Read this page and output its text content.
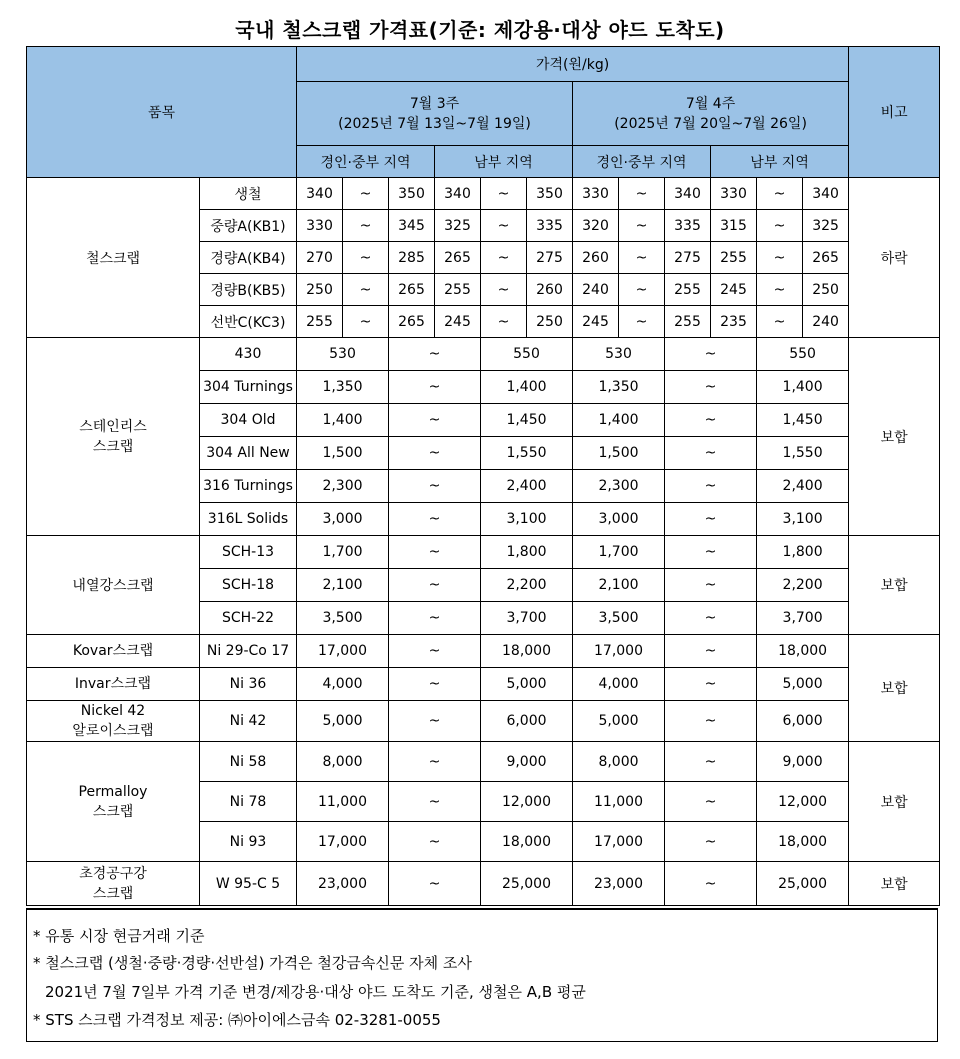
국내 철스크랩 가격표(기준: 제강용·대상 야드 도착도)
품목		가격(원/kg)												비고
		7월 3주
(2025년 7월 13일~7월 19일)						7월 4주
(2025년 7월 20일~7월 26일)						
		경인·중부 지역			남부 지역			경인·중부 지역			남부 지역			
철스크랩	생철	340	~	350	340	~	350	330	~	340	330	~	340	하락
	중량A(KB1)	330	~	345	325	~	335	320	~	335	315	~	325	
	경량A(KB4)	270	~	285	265	~	275	260	~	275	255	~	265	
	경량B(KB5)	250	~	265	255	~	260	240	~	255	245	~	250	
	선반C(KC3)	255	~	265	245	~	250	245	~	255	235	~	240	
스테인리스
스크랩	430	530		~		550		530		~		550		보합
	304 Turnings	1,350		~		1,400		1,350		~		1,400		
	304 Old	1,400		~		1,450		1,400		~		1,450		
	304 All New	1,500		~		1,550		1,500		~		1,550		
	316 Turnings	2,300		~		2,400		2,300		~		2,400		
	316L Solids	3,000		~		3,100		3,000		~		3,100		
내열강스크랩	SCH-13	1,700		~		1,800		1,700		~		1,800		보합
	SCH-18	2,100		~		2,200		2,100		~		2,200		
	SCH-22	3,500		~		3,700		3,500		~		3,700		
Kovar스크랩	Ni 29-Co 17	17,000		~		18,000		17,000		~		18,000		보합
Invar스크랩	Ni 36	4,000		~		5,000		4,000		~		5,000		
Nickel 42
알로이스크랩	Ni 42	5,000		~		6,000		5,000		~		6,000		
Permalloy
스크랩	Ni 58	8,000		~		9,000		8,000		~		9,000		보합
	Ni 78	11,000		~		12,000		11,000		~		12,000		
	Ni 93	17,000		~		18,000		17,000		~		18,000		
초경공구강
스크랩	W 95-C 5	23,000		~		25,000		23,000		~		25,000		보합
* 유통 시장 현금거래 기준
* 철스크랩 (생철·중량·경량·선반설) 가격은 철강금속신문 자체 조사
2021년 7월 7일부 가격 기준 변경/제강용·대상 야드 도착도 기준, 생철은 A,B 평균
* STS 스크랩 가격정보 제공: ㈜아이에스금속 02-3281-0055
